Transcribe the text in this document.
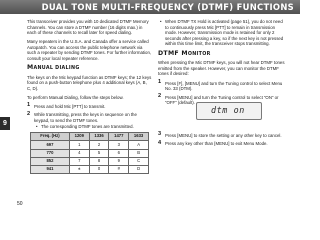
DUAL TONE MULTI-FREQUENCY (DTMF) FUNCTIONS

This transceiver provides you with 10 dedicated DTMF Memory Channels. You can store a DTMF number (16 digits max.) in each of these channels to recall later for speed dialing.

Many repeaters in the U.S.A. and Canada offer a service called Autopatch. You can access the public telephone network via such a repeater by sending DTMF tones. For further information, consult your local repeater reference.

MANUAL DIALING

The keys on the Mic keypad function as DTMF keys; the 12 keys found on a push-button telephone plus 4 additional keys (A, B, C, D).

To perform Manual Dialing, follow the steps below.

1 Press and hold Mic [PTT] to transmit.
2 While transmitting, press the keys in sequence on the keypad, to send the DTMF tones.
• The corresponding DTMF tones are transmitted.
Freq. (Hz)	1209	1336	1477	1633
697	1	2	3	A
770	4	5	6	B
852	7	8	9	C
941	∗	0	#	D
• When DTMF TX Hold is activated (page 51), you do not need to continuously press Mic [PTT] to remain in transmission mode. However, transmission mode is retained for only 2 seconds after pressing a key, so if the next key is not pressed within this time limit, the transceiver stops transmitting.
DTMF MONITOR

When pressing the Mic DTMF keys, you will not hear DTMF tones emitted from the speaker. However, you can monitor the DTMF tones if desired:

1 Press [F], [MENU] and turn the Tuning control to select Menu No. 33 (DTM).
2 Press [MENU] and turn the Tuning control to select “ON” or “OFF” (default).
3 Press [MENU] to store the setting or any other key to cancel.
4 Press any key other than [MENU] to exit Menu Mode.
dtm on
9
50
